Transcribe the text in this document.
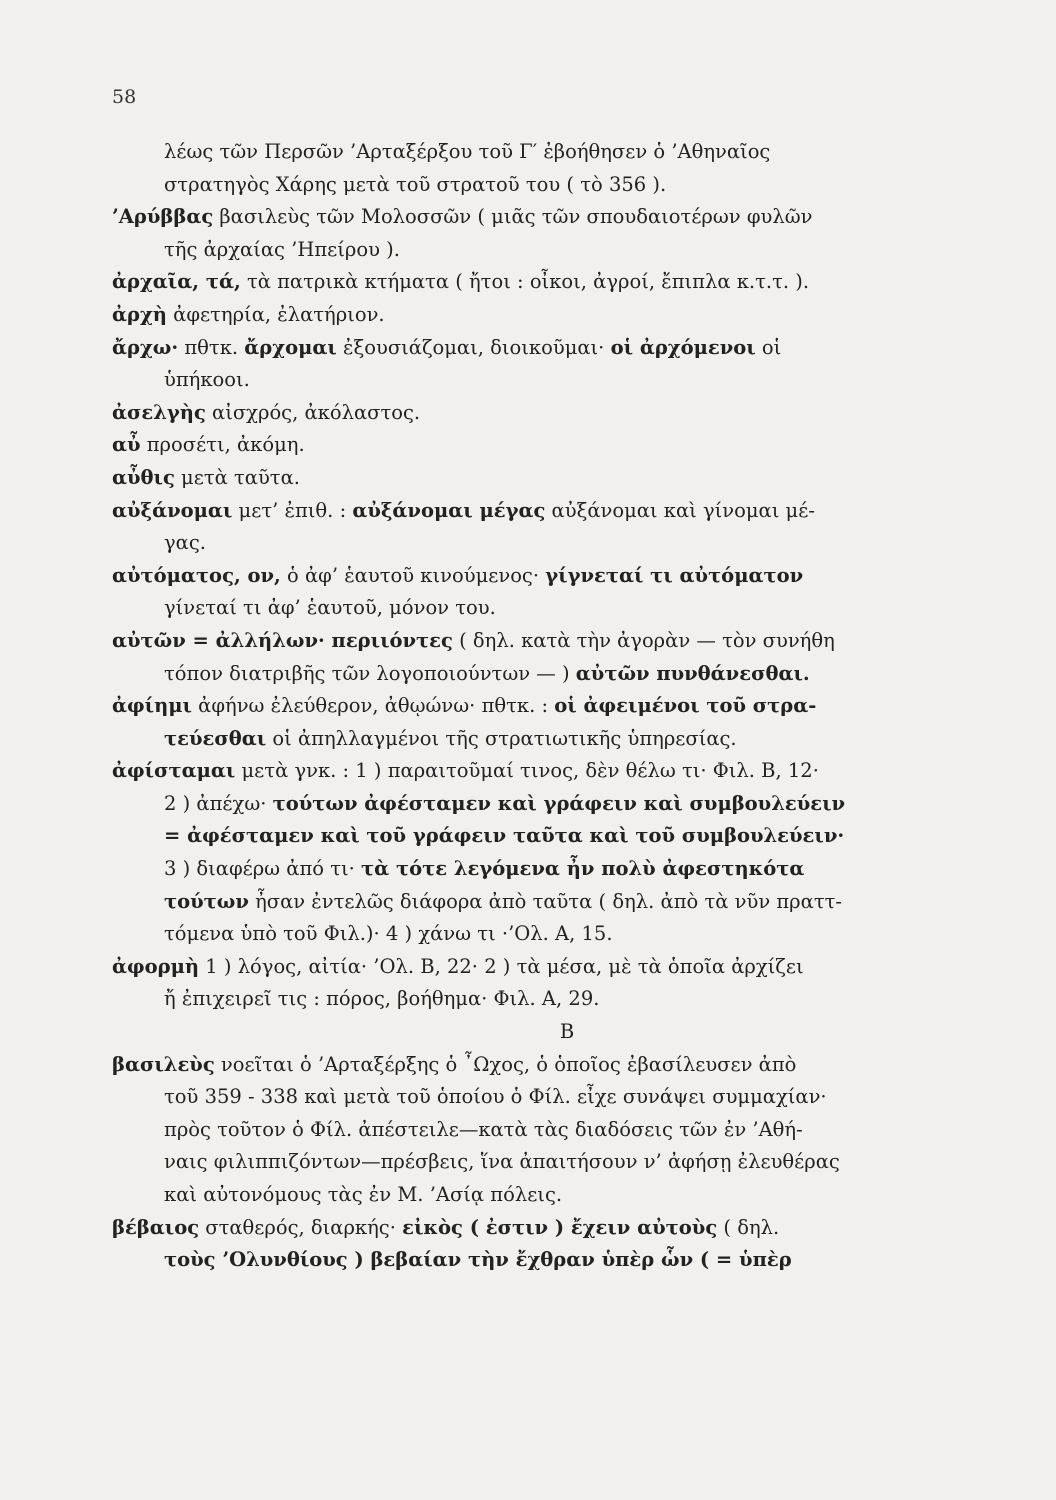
58
λέως τῶν Περσῶν ’Αρταξέρξου τοῦ Γ′ ἐβοήθησεν ὁ ’Αθηναῖος
στρατηγὸς Χάρης μετὰ τοῦ στρατοῦ του ( τὸ 356 ).
’Αρύββας βασιλεὺς τῶν Μολοσσῶν ( μιᾶς τῶν σπουδαιοτέρων φυλῶν
τῆς ἀρχαίας ’Ηπείρου ).
ἀρχαῖα, τά, τὰ πατρικὰ κτήματα ( ἤτοι : οἶκοι, ἀγροί, ἔπιπλα κ.τ.τ. ).
ἀρχὴ ἀφετηρία, ἐλατήριον.
ἄρχω· πθτκ. ἄρχομαι ἐξουσιάζομαι, διοικοῦμαι· οἱ ἀρχόμενοι οἱ
ὑπήκοοι.
ἀσελγὴς αἰσχρός, ἀκόλαστος.
αὖ προσέτι, ἀκόμη.
αὖθις μετὰ ταῦτα.
αὐξάνομαι μετ’ ἐπιθ. : αὐξάνομαι μέγας αὐξάνομαι καὶ γίνομαι μέ-
γας.
αὐτόματος, ον, ὁ ἀφ’ ἑαυτοῦ κινούμενος· γίγνεταί τι αὐτόματον
γίνεταί τι ἀφ’ ἑαυτοῦ, μόνον του.
αὐτῶν = ἀλλήλων· περιιόντες ( δηλ. κατὰ τὴν ἀγορὰν — τὸν συνήθη
τόπον διατριβῆς τῶν λογοποιούντων — ) αὐτῶν πυνθάνεσθαι.
ἀφίημι ἀφήνω ἐλεύθερον, ἀθῳώνω· πθτκ. : οἱ ἀφειμένοι τοῦ στρα-
τεύεσθαι οἱ ἀπηλλαγμένοι τῆς στρατιωτικῆς ὑπηρεσίας.
ἀφίσταμαι μετὰ γνκ. : 1 ) παραιτοῦμαί τινος, δὲν θέλω τι· Φιλ. Β, 12·
2 ) ἀπέχω· τούτων ἀφέσταμεν καὶ γράφειν καὶ συμβουλεύειν
= ἀφέσταμεν καὶ τοῦ γράφειν ταῦτα καὶ τοῦ συμβουλεύειν·
3 ) διαφέρω ἀπό τι· τὰ τότε λεγόμενα ἦν πολὺ ἀφεστηκότα
τούτων ἦσαν ἐντελῶς διάφορα ἀπὸ ταῦτα ( δηλ. ἀπὸ τὰ νῦν πραττ-
τόμενα ὑπὸ τοῦ Φιλ.)· 4 ) χάνω τι ·’Ολ. Α, 15.
ἀφορμὴ 1 ) λόγος, αἰτία· ’Ολ. Β, 22· 2 ) τὰ μέσα, μὲ τὰ ὁποῖα ἀρχίζει
ἤ ἐπιχειρεῖ τις : πόρος, βοήθημα· Φιλ. Α, 29.
Β
βασιλεὺς νοεῖται ὁ ’Αρταξέρξης ὁ ῏Ωχος, ὁ ὁποῖος ἐβασίλευσεν ἀπὸ
τοῦ 359 - 338 καὶ μετὰ τοῦ ὁποίου ὁ Φίλ. εἶχε συνάψει συμμαχίαν·
πρὸς τοῦτον ὁ Φίλ. ἀπέστειλε—κατὰ τὰς διαδόσεις τῶν ἐν ’Αθή-
ναις φιλιππιζόντων—πρέσβεις, ἵνα ἀπαιτήσουν ν’ ἀφήσῃ ἐλευθέρας
καὶ αὐτονόμους τὰς ἐν Μ. ’Ασίᾳ πόλεις.
βέβαιος σταθερός, διαρκής· εἰκὸς ( ἐστιν ) ἔχειν αὐτοὺς ( δηλ.
τοὺς ’Ολυνθίους ) βεβαίαν τὴν ἔχθραν ὑπὲρ ὧν ( = ὑπὲρ
